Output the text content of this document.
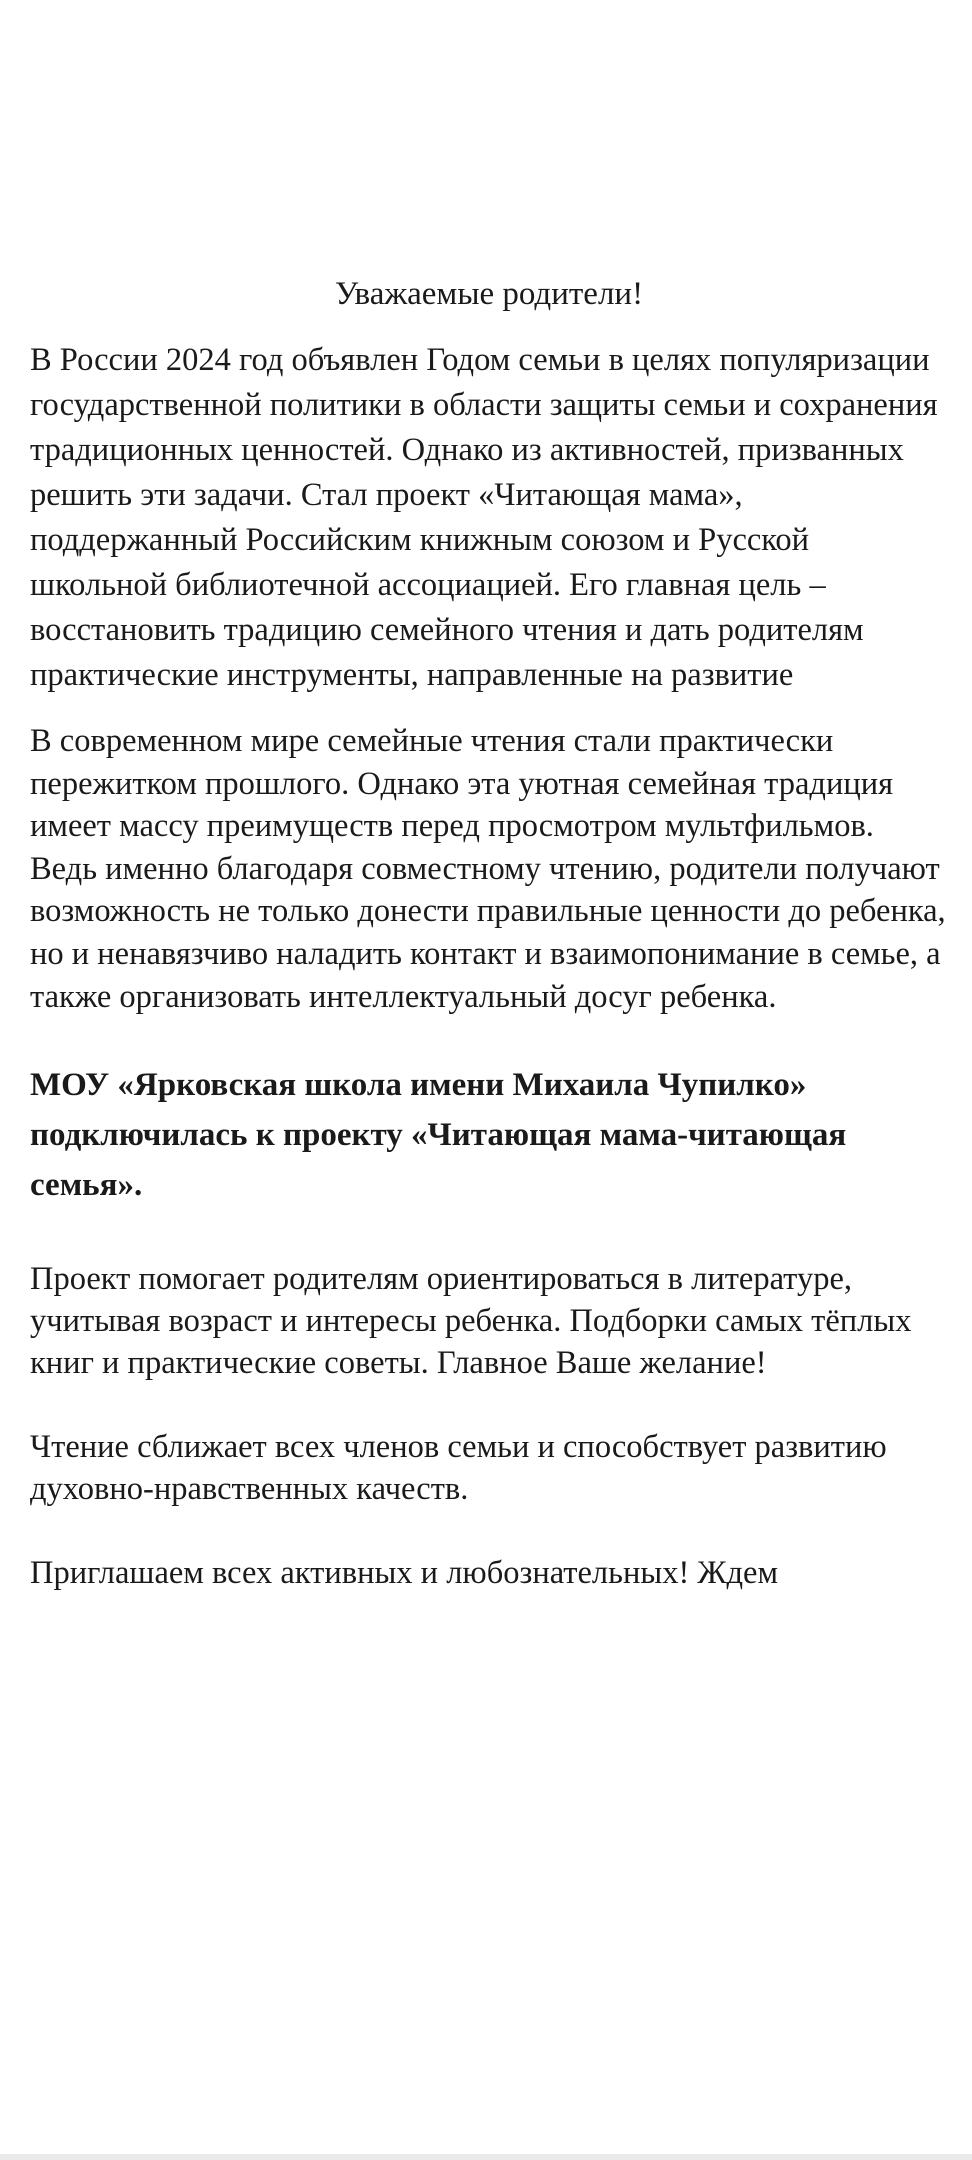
Уважаемые родители!

В России 2024 год объявлен Годом семьи в целях популяризации государственной политики в области защиты семьи и сохранения традиционных ценностей. Однако из активностей, призванных решить эти задачи. Стал проект «Читающая мама», поддержанный Российским книжным союзом и Русской школьной библиотечной ассоциацией. Его главная цель –восстановить традицию семейного чтения и дать родителям практические инструменты, направленные на развитие

В современном мире семейные чтения стали практически пережитком прошлого. Однако эта уютная семейная традиция имеет массу преимуществ перед просмотром мультфильмов. Ведь именно благодаря совместному чтению, родители получают возможность не только донести правильные ценности до ребенка, но и ненавязчиво наладить контакт и взаимопонимание в семье, а также организовать интеллектуальный досуг ребенка.

МОУ «Ярковская школа имени Михаила Чупилко» подключилась к проекту «Читающая мама-читающая семья».

Проект помогает родителям ориентироваться в литературе, учитывая возраст и интересы ребенка. Подборки самых тёплых книг и практические советы. Главное Ваше желание!

Чтение сближает всех членов семьи и способствует развитию духовно-нравственных качеств.

Приглашаем всех активных и любознательных! Ждем
